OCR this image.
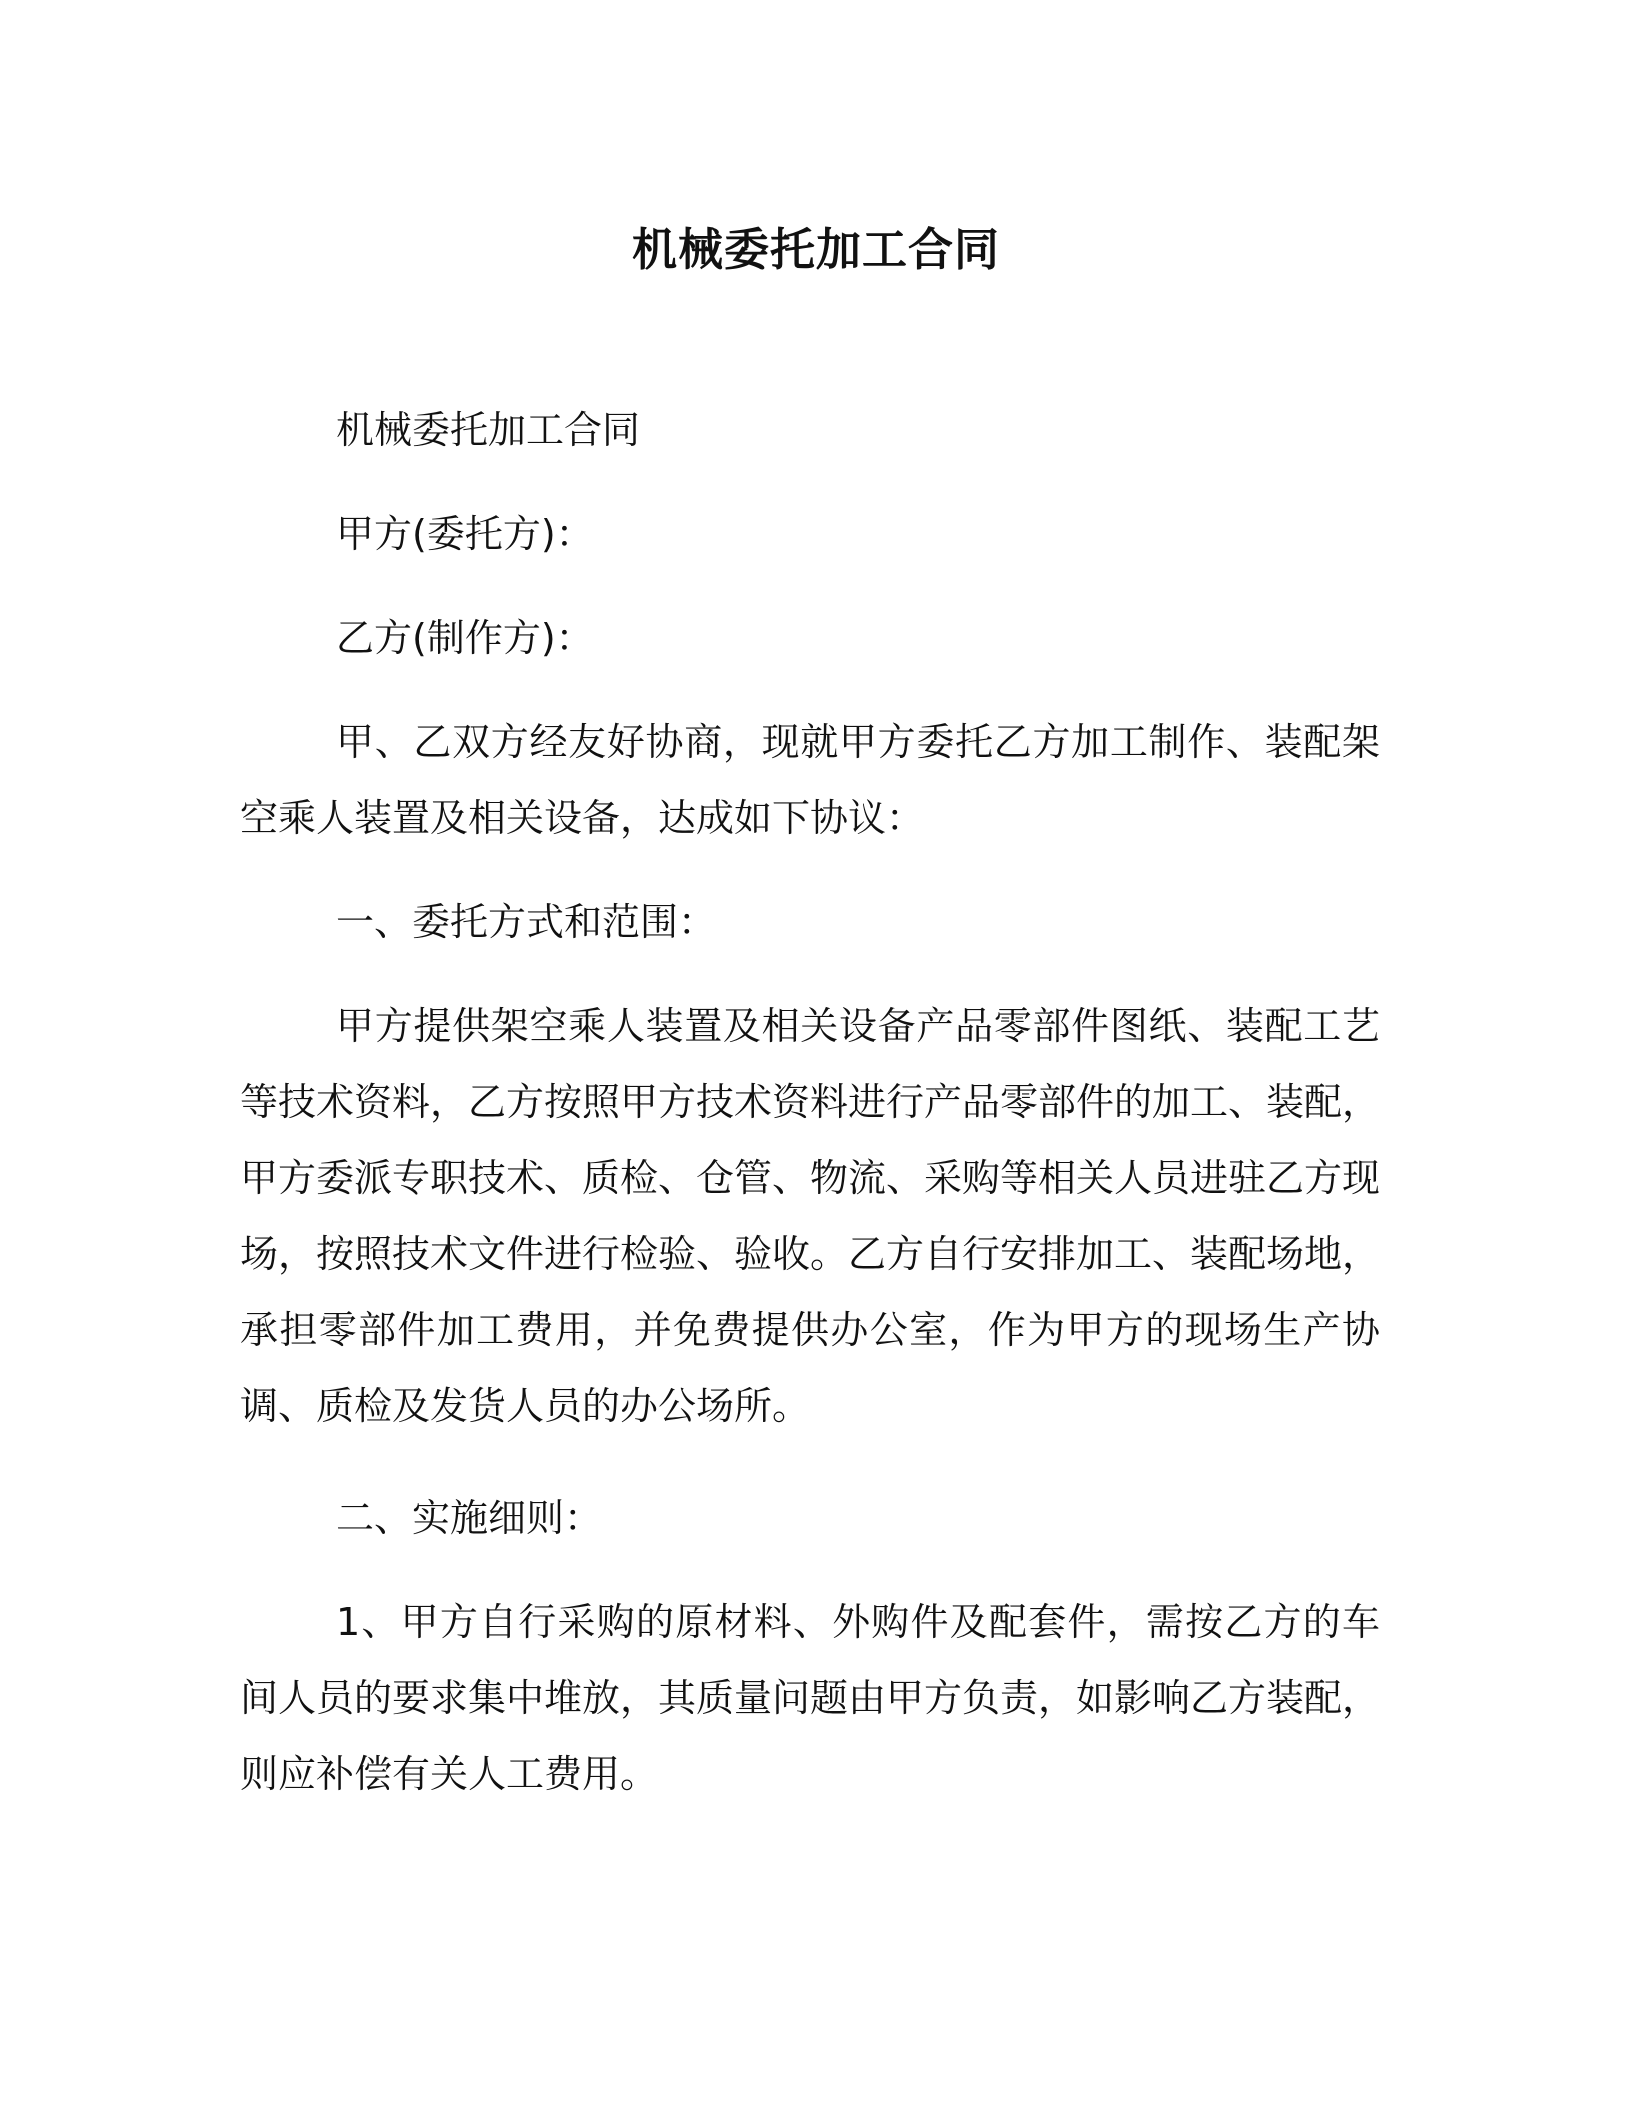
机械委托加工合同

机械委托加工合同

甲方(委托方)：

乙方(制作方)：

甲、乙双方经友好协商，现就甲方委托乙方加工制作、装配架空乘人装置及相关设备，达成如下协议：

一、委托方式和范围：

甲方提供架空乘人装置及相关设备产品零部件图纸、装配工艺等技术资料，乙方按照甲方技术资料进行产品零部件的加工、装配，甲方委派专职技术、质检、仓管、物流、采购等相关人员进驻乙方现场，按照技术文件进行检验、验收。乙方自行安排加工、装配场地，承担零部件加工费用，并免费提供办公室，作为甲方的现场生产协调、质检及发货人员的办公场所。

二、实施细则：

1、甲方自行采购的原材料、外购件及配套件，需按乙方的车间人员的要求集中堆放，其质量问题由甲方负责，如影响乙方装配，则应补偿有关人工费用。
